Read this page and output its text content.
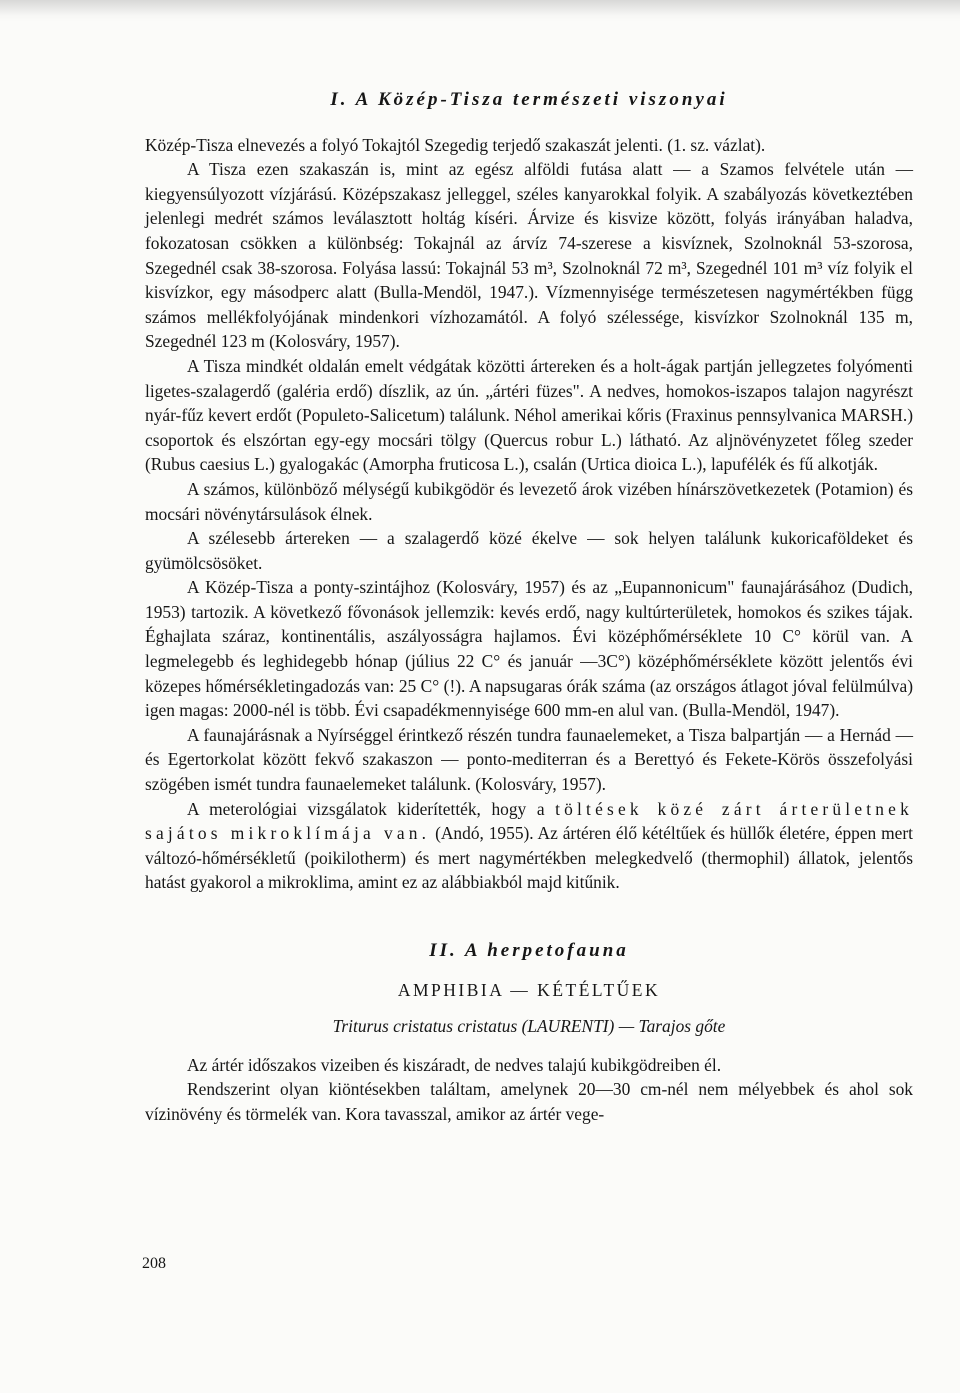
I. A Közép-Tisza természeti viszonyai

Közép-Tisza elnevezés a folyó Tokajtól Szegedig terjedő szakaszát jelenti. (1. sz. vázlat).

A Tisza ezen szakaszán is, mint az egész alföldi futása alatt — a Szamos felvétele után — kiegyensúlyozott vízjárású. Középszakasz jelleggel, széles kanyarokkal folyik. A szabályozás következtében jelenlegi medrét számos leválasztott holtág kíséri. Árvize és kisvize között, folyás irányában haladva, fokozatosan csökken a különbség: Tokajnál az árvíz 74-szerese a kisvíznek, Szolnoknál 53-szorosa, Szegednél csak 38-szorosa. Folyása lassú: Tokajnál 53 m³, Szolnoknál 72 m³, Szegednél 101 m³ víz folyik el kisvízkor, egy másodperc alatt (Bulla-Mendöl, 1947.). Vízmennyisége természetesen nagymértékben függ számos mellékfolyójának mindenkori vízhozamától. A folyó szélessége, kisvízkor Szolnoknál 135 m, Szegednél 123 m (Kolosváry, 1957).

A Tisza mindkét oldalán emelt védgátak közötti ártereken és a holt-ágak partján jellegzetes folyómenti ligetes-szalagerdő (galéria erdő) díszlik, az ún. „ártéri füzes". A nedves, homokos-iszapos talajon nagyrészt nyár-fűz kevert erdőt (Populeto-Salicetum) találunk. Néhol amerikai kőris (Fraxinus pennsylvanica MARSH.) csoportok és elszórtan egy-egy mocsári tölgy (Quercus robur L.) látható. Az aljnövényzetet főleg szeder (Rubus caesius L.) gyalogakác (Amorpha fruticosa L.), csalán (Urtica dioica L.), lapufélék és fű alkotják.

A számos, különböző mélységű kubikgödör és levezető árok vizében hínárszövetkezetek (Potamion) és mocsári növénytársulások élnek.

A szélesebb ártereken — a szalagerdő közé ékelve — sok helyen találunk kukoricaföldeket és gyümölcsösöket.

A Közép-Tisza a ponty-szintájhoz (Kolosváry, 1957) és az „Eupannonicum" faunajárásához (Dudich, 1953) tartozik. A következő fővonások jellemzik: kevés erdő, nagy kultúrterületek, homokos és szikes tájak. Éghajlata száraz, kontinentális, aszályosságra hajlamos. Évi középhőmérséklete 10 C° körül van. A legmelegebb és leghidegebb hónap (július 22 C° és január —3C°) középhőmérséklete között jelentős évi közepes hőmérsékletingadozás van: 25 C° (!). A napsugaras órák száma (az országos átlagot jóval felülmúlva) igen magas: 2000-nél is több. Évi csapadékmennyisége 600 mm-en alul van. (Bulla-Mendöl, 1947).

A faunajárásnak a Nyírséggel érintkező részén tundra faunaelemeket, a Tisza balpartján — a Hernád — és Egertorkolat között fekvő szakaszon — ponto-mediterran és a Berettyó és Fekete-Körös összefolyási szögében ismét tundra faunaelemeket találunk. (Kolosváry, 1957).

A meterológiai vizsgálatok kiderítették, hogy a töltések közé zárt árterületnek sajátos mikroklímája van. (Andó, 1955). Az ártéren élő kétéltűek és hüllők életére, éppen mert változó-hőmérsékletű (poikilotherm) és mert nagymértékben melegkedvelő (thermophil) állatok, jelentős hatást gyakorol a mikroklima, amint ez az alábbiakból majd kitűnik.

II. A herpetofauna

AMPHIBIA — KÉTÉLTŰEK

Triturus cristatus cristatus (LAURENTI) — Tarajos gőte

Az ártér időszakos vizeiben és kiszáradt, de nedves talajú kubikgödreiben él.

Rendszerint olyan kiöntésekben találtam, amelynek 20—30 cm-nél nem mélyebbek és ahol sok vízinövény és törmelék van. Kora tavasszal, amikor az ártér vege-

208
